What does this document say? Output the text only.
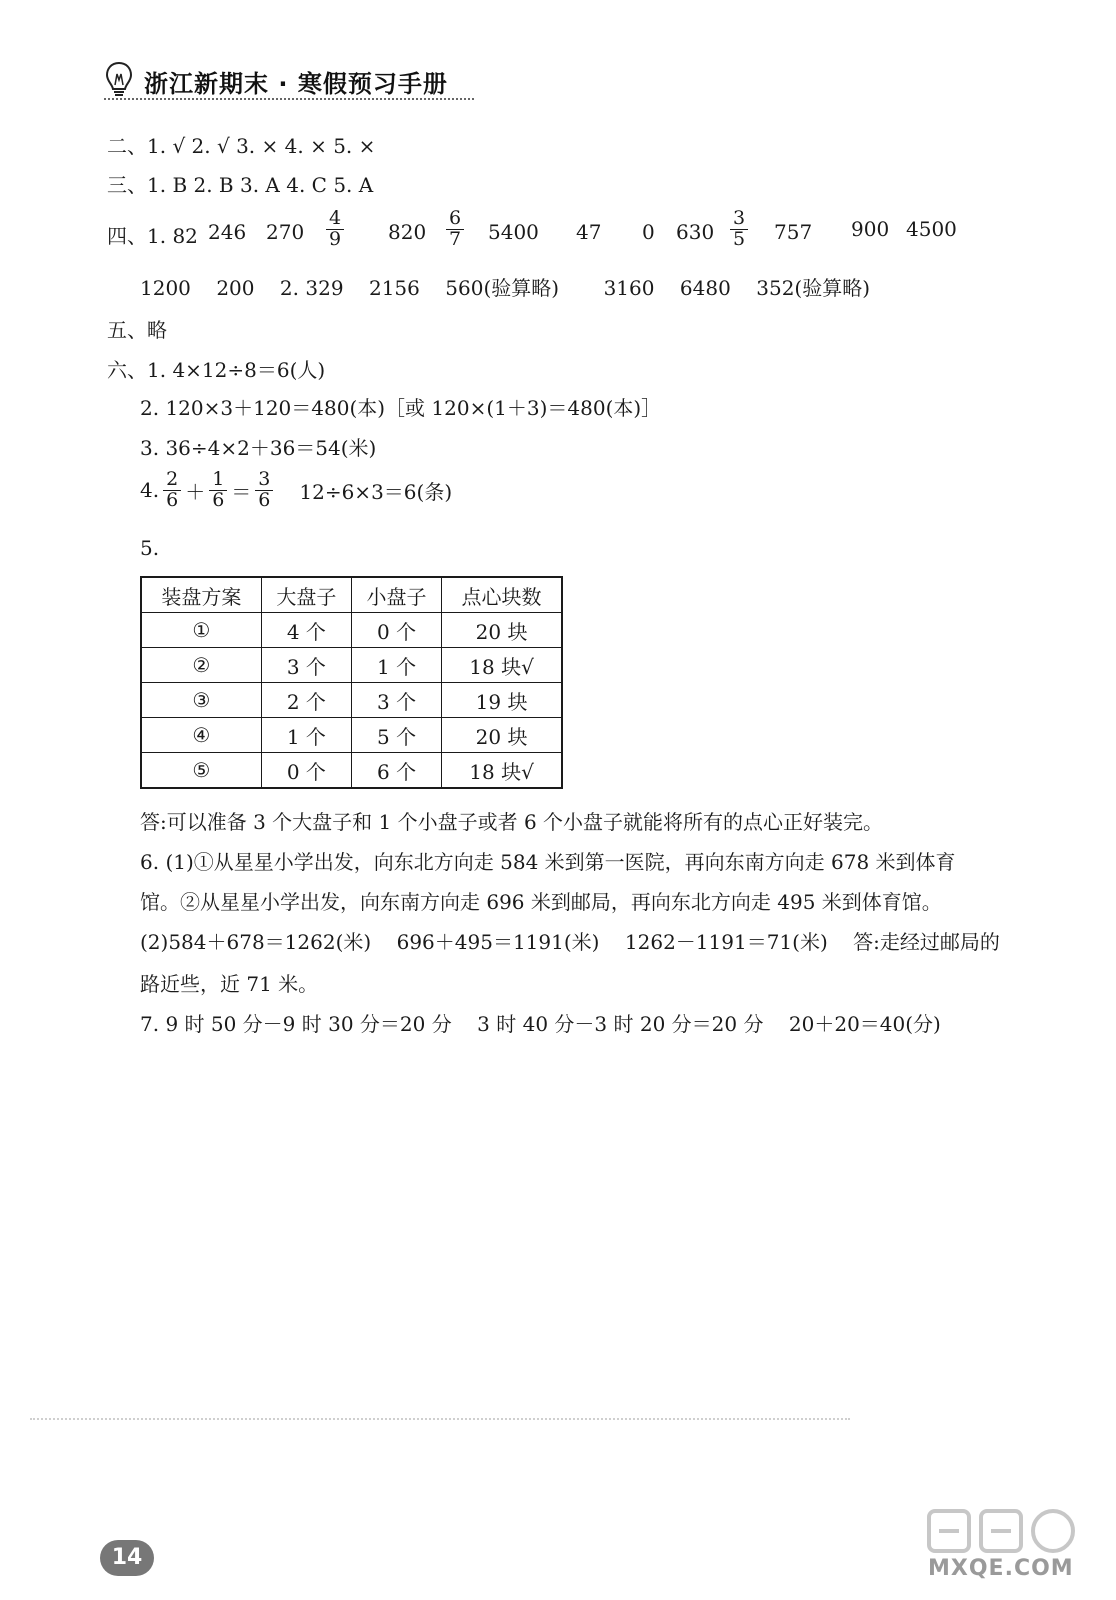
浙江新期末 · 寒假预习手册
二、1. √ 2. √ 3. × 4. × 5. ×
三、1. B 2. B 3. A 4. C 5. A
四、1. 82 246 $270 \frac{4}{9} 820 \frac{6}{7} 5400$ 47 0 $630 \frac{3}{5} 757$ 900 4500
1200    200    2. 329    2156    560(验算略)       3160    6480    352(验算略)
五、略
六、1. 4×12÷8＝6(人)
2. 120×3＋120＝480(本)［或 120×(1＋3)＝480(本)］
3. 36÷4×2＋36＝54(米)
4. $\frac{2}{6} + \frac{1}{6} = \frac{3}{6} 12\div 6\times 3=6$(条)
5.
装盘方案	大盘子	小盘子	点心块数
①	4 个	0 个	20 块
②	3 个	1 个	18 块√
③	2 个	3 个	19 块
④	1 个	5 个	20 块
⑤	0 个	6 个	18 块√
答:可以准备 3 个大盘子和 1 个小盘子或者 6 个小盘子就能将所有的点心正好装完。
6. (1)①从星星小学出发，向东北方向走 584 米到第一医院，再向东南方向走 678 米到体育
馆。②从星星小学出发，向东南方向走 696 米到邮局，再向东北方向走 495 米到体育馆。
(2)584＋678＝1262(米)    696＋495＝1191(米)    1262－1191＝71(米)    答:走经过邮局的
路近些，近 71 米。
7. 9 时 50 分－9 时 30 分＝20 分    3 时 40 分－3 时 20 分＝20 分    20＋20＝40(分)
14	MXQE.COM
